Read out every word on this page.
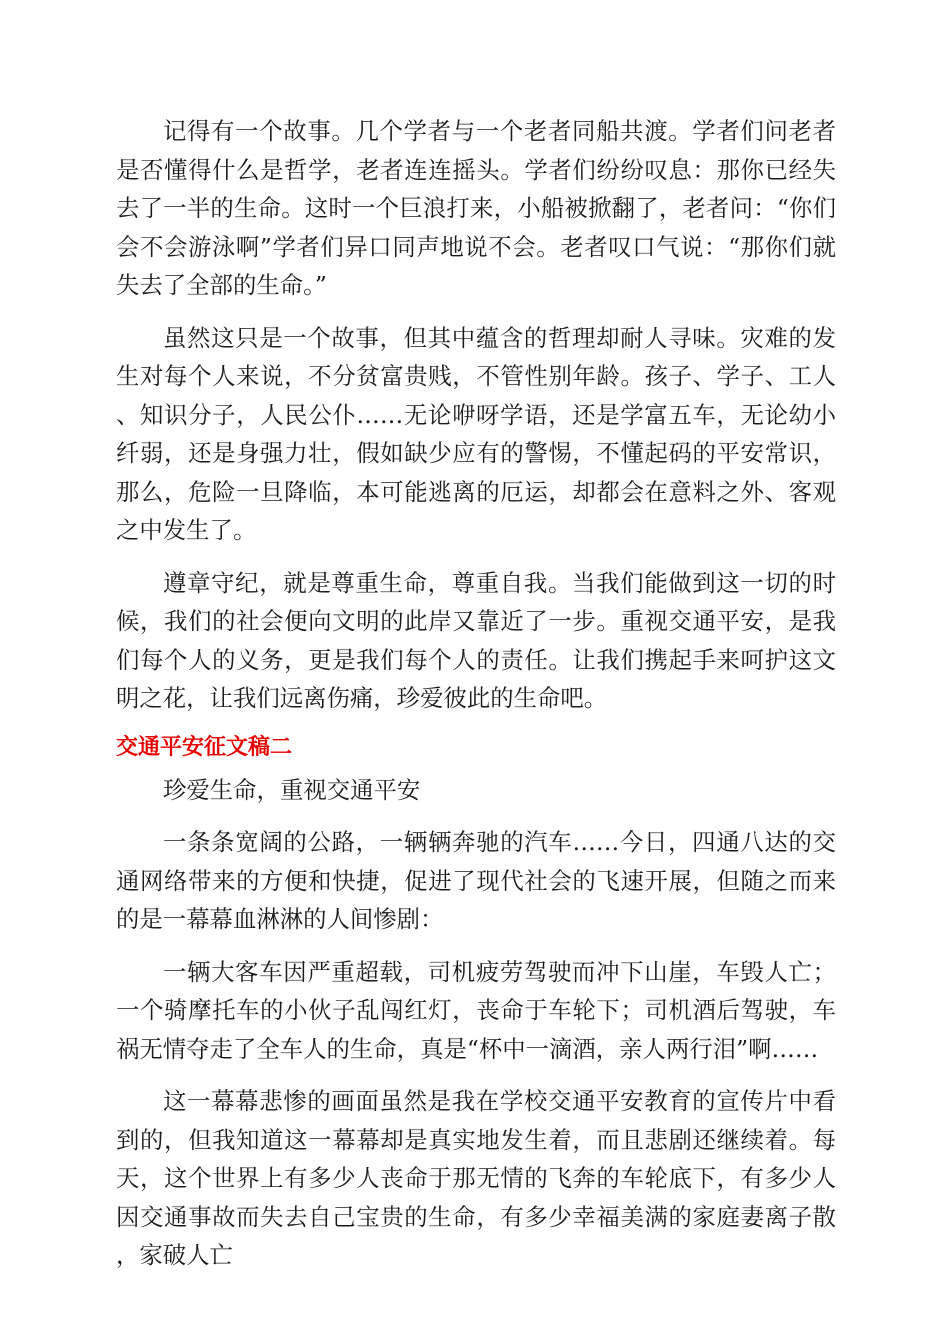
记得有一个故事。几个学者与一个老者同船共渡。学者们问老者是否懂得什么是哲学，老者连连摇头。学者们纷纷叹息：那你已经失去了一半的生命。这时一个巨浪打来，小船被掀翻了，老者问：“你们会不会游泳啊”学者们异口同声地说不会。老者叹口气说：“那你们就失去了全部的生命。”

虽然这只是一个故事，但其中蕴含的哲理却耐人寻味。灾难的发生对每个人来说，不分贫富贵贱，不管性别年龄。孩子、学子、工人、知识分子，人民公仆……无论咿呀学语，还是学富五车，无论幼小纤弱，还是身强力壮，假如缺少应有的警惕，不懂起码的平安常识，那么，危险一旦降临，本可能逃离的厄运，却都会在意料之外、客观之中发生了。

遵章守纪，就是尊重生命，尊重自我。当我们能做到这一切的时候，我们的社会便向文明的此岸又靠近了一步。重视交通平安，是我们每个人的义务，更是我们每个人的责任。让我们携起手来呵护这文明之花，让我们远离伤痛，珍爱彼此的生命吧。

交通平安征文稿二

珍爱生命，重视交通平安

一条条宽阔的公路，一辆辆奔驰的汽车……今日，四通八达的交通网络带来的方便和快捷，促进了现代社会的飞速开展，但随之而来的是一幕幕血淋淋的人间惨剧：

一辆大客车因严重超载，司机疲劳驾驶而冲下山崖，车毁人亡；一个骑摩托车的小伙子乱闯红灯，丧命于车轮下；司机酒后驾驶，车祸无情夺走了全车人的生命，真是“杯中一滴酒，亲人两行泪”啊……

这一幕幕悲惨的画面虽然是我在学校交通平安教育的宣传片中看到的，但我知道这一幕幕却是真实地发生着，而且悲剧还继续着。每天，这个世界上有多少人丧命于那无情的飞奔的车轮底下，有多少人因交通事故而失去自己宝贵的生命，有多少幸福美满的家庭妻离子散，家破人亡
